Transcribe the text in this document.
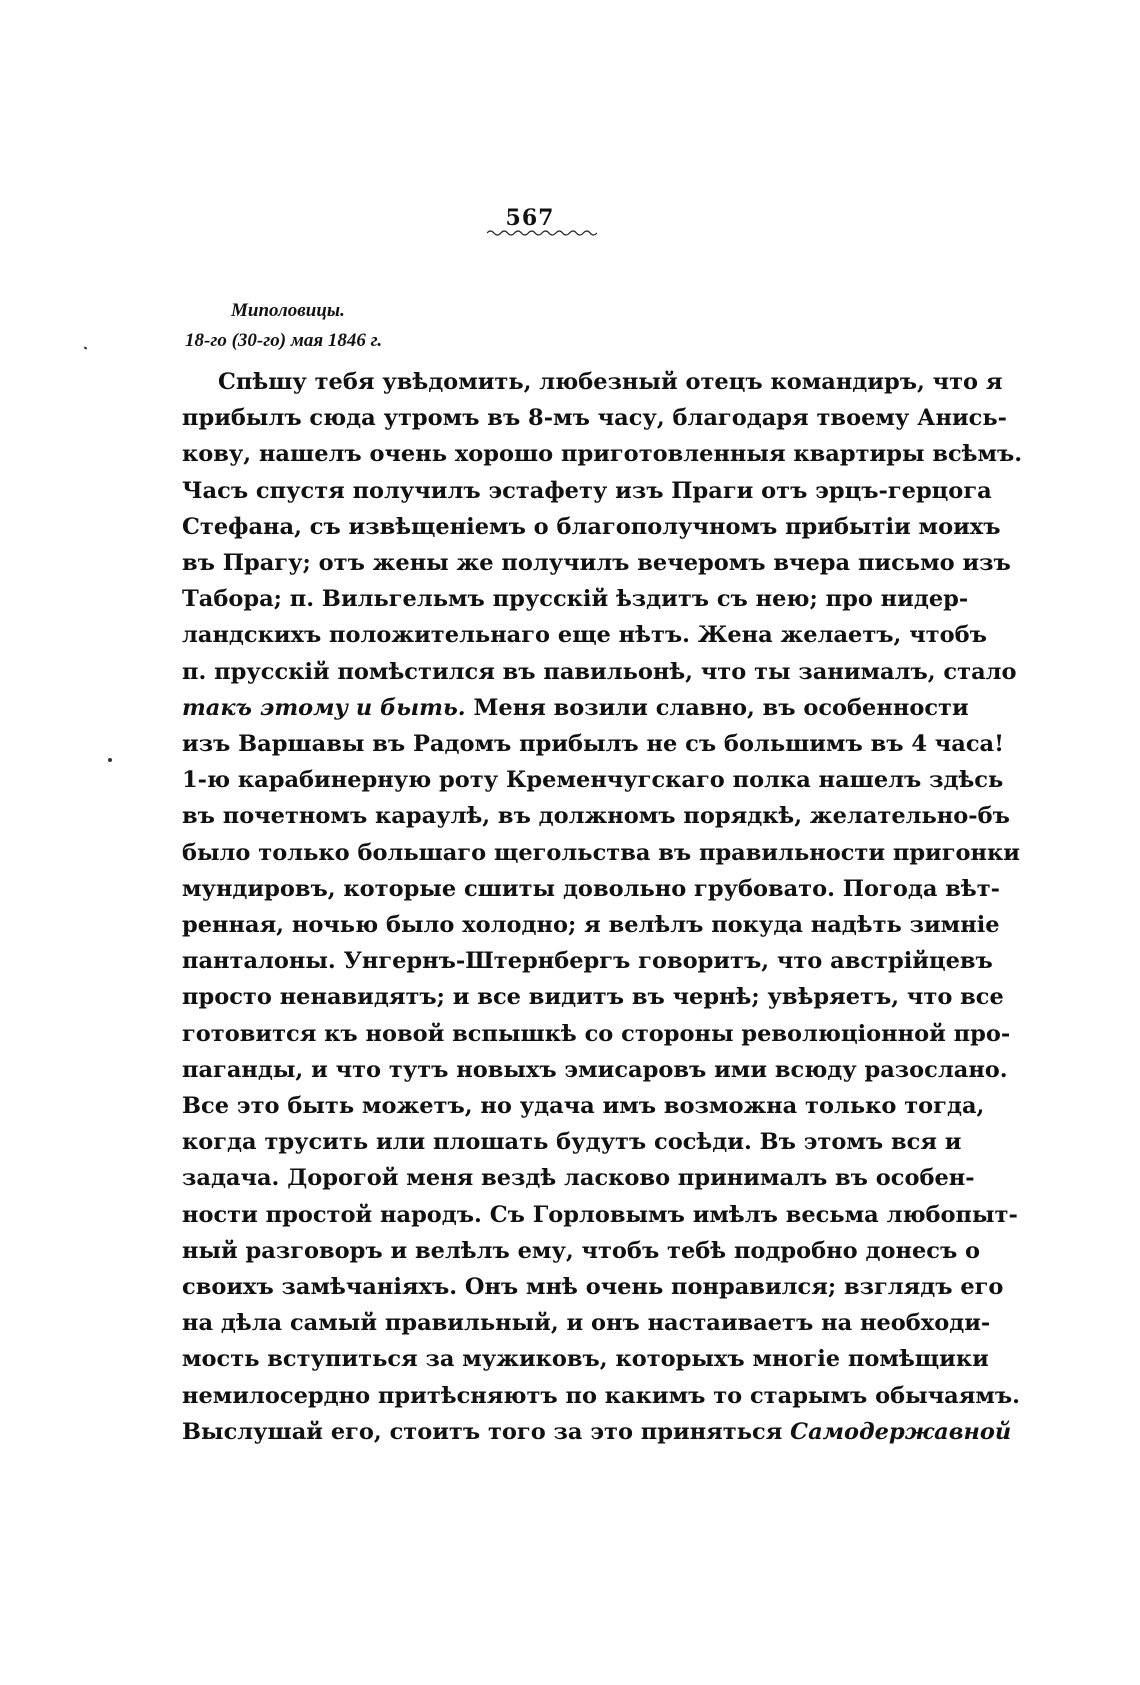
567
Миполовицы.
18-го (30-го) мая 1846 г.
Спѣшу тебя увѣдомить, любезный отецъ командиръ, что я
прибылъ сюда утромъ въ 8-мъ часу, благодаря твоему Анись-
кову, нашелъ очень хорошо приготовленныя квартиры всѣмъ.
Часъ спустя получилъ эстафету изъ Праги отъ эрцъ-герцога
Стефана, съ извѣщеніемъ о благополучномъ прибытіи моихъ
въ Прагу; отъ жены же получилъ вечеромъ вчера письмо изъ
Табора; п. Вильгельмъ прусскій ѣздитъ съ нею; про нидер-
ландскихъ положительнаго еще нѣтъ. Жена желаетъ, чтобъ
п. прусскій помѣстился въ павильонѣ, что ты занималъ, стало
такъ этому и быть. Меня возили славно, въ особенности
изъ Варшавы въ Радомъ прибылъ не съ большимъ въ 4 часа!
1-ю карабинерную роту Кременчугскаго полка нашелъ здѣсь
въ почетномъ караулѣ, въ должномъ порядкѣ, желательно-бъ
было только большаго щегольства въ правильности пригонки
мундировъ, которые сшиты довольно грубовато. Погода вѣт-
ренная, ночью было холодно; я велѣлъ покуда надѣть зимніе
панталоны. Унгернъ-Штернбергъ говоритъ, что австрійцевъ
просто ненавидятъ; и все видитъ въ чернѣ; увѣряетъ, что все
готовится къ новой вспышкѣ со стороны революціонной про-
паганды, и что тутъ новыхъ эмисаровъ ими всюду разослано.
Все это быть можетъ, но удача имъ возможна только тогда,
когда трусить или плошать будутъ сосѣди. Въ этомъ вся и
задача. Дорогой меня вездѣ ласково принималъ въ особен-
ности простой народъ. Съ Горловымъ имѣлъ весьма любопыт-
ный разговоръ и велѣлъ ему, чтобъ тебѣ подробно донесъ о
своихъ замѣчаніяхъ. Онъ мнѣ очень понравился; взглядъ его
на дѣла самый правильный, и онъ настаиваетъ на необходи-
мость вступиться за мужиковъ, которыхъ многіе помѣщики
немилосердно притѣсняютъ по какимъ то старымъ обычаямъ.
Выслушай его, стоитъ того за это приняться Самодержавной
